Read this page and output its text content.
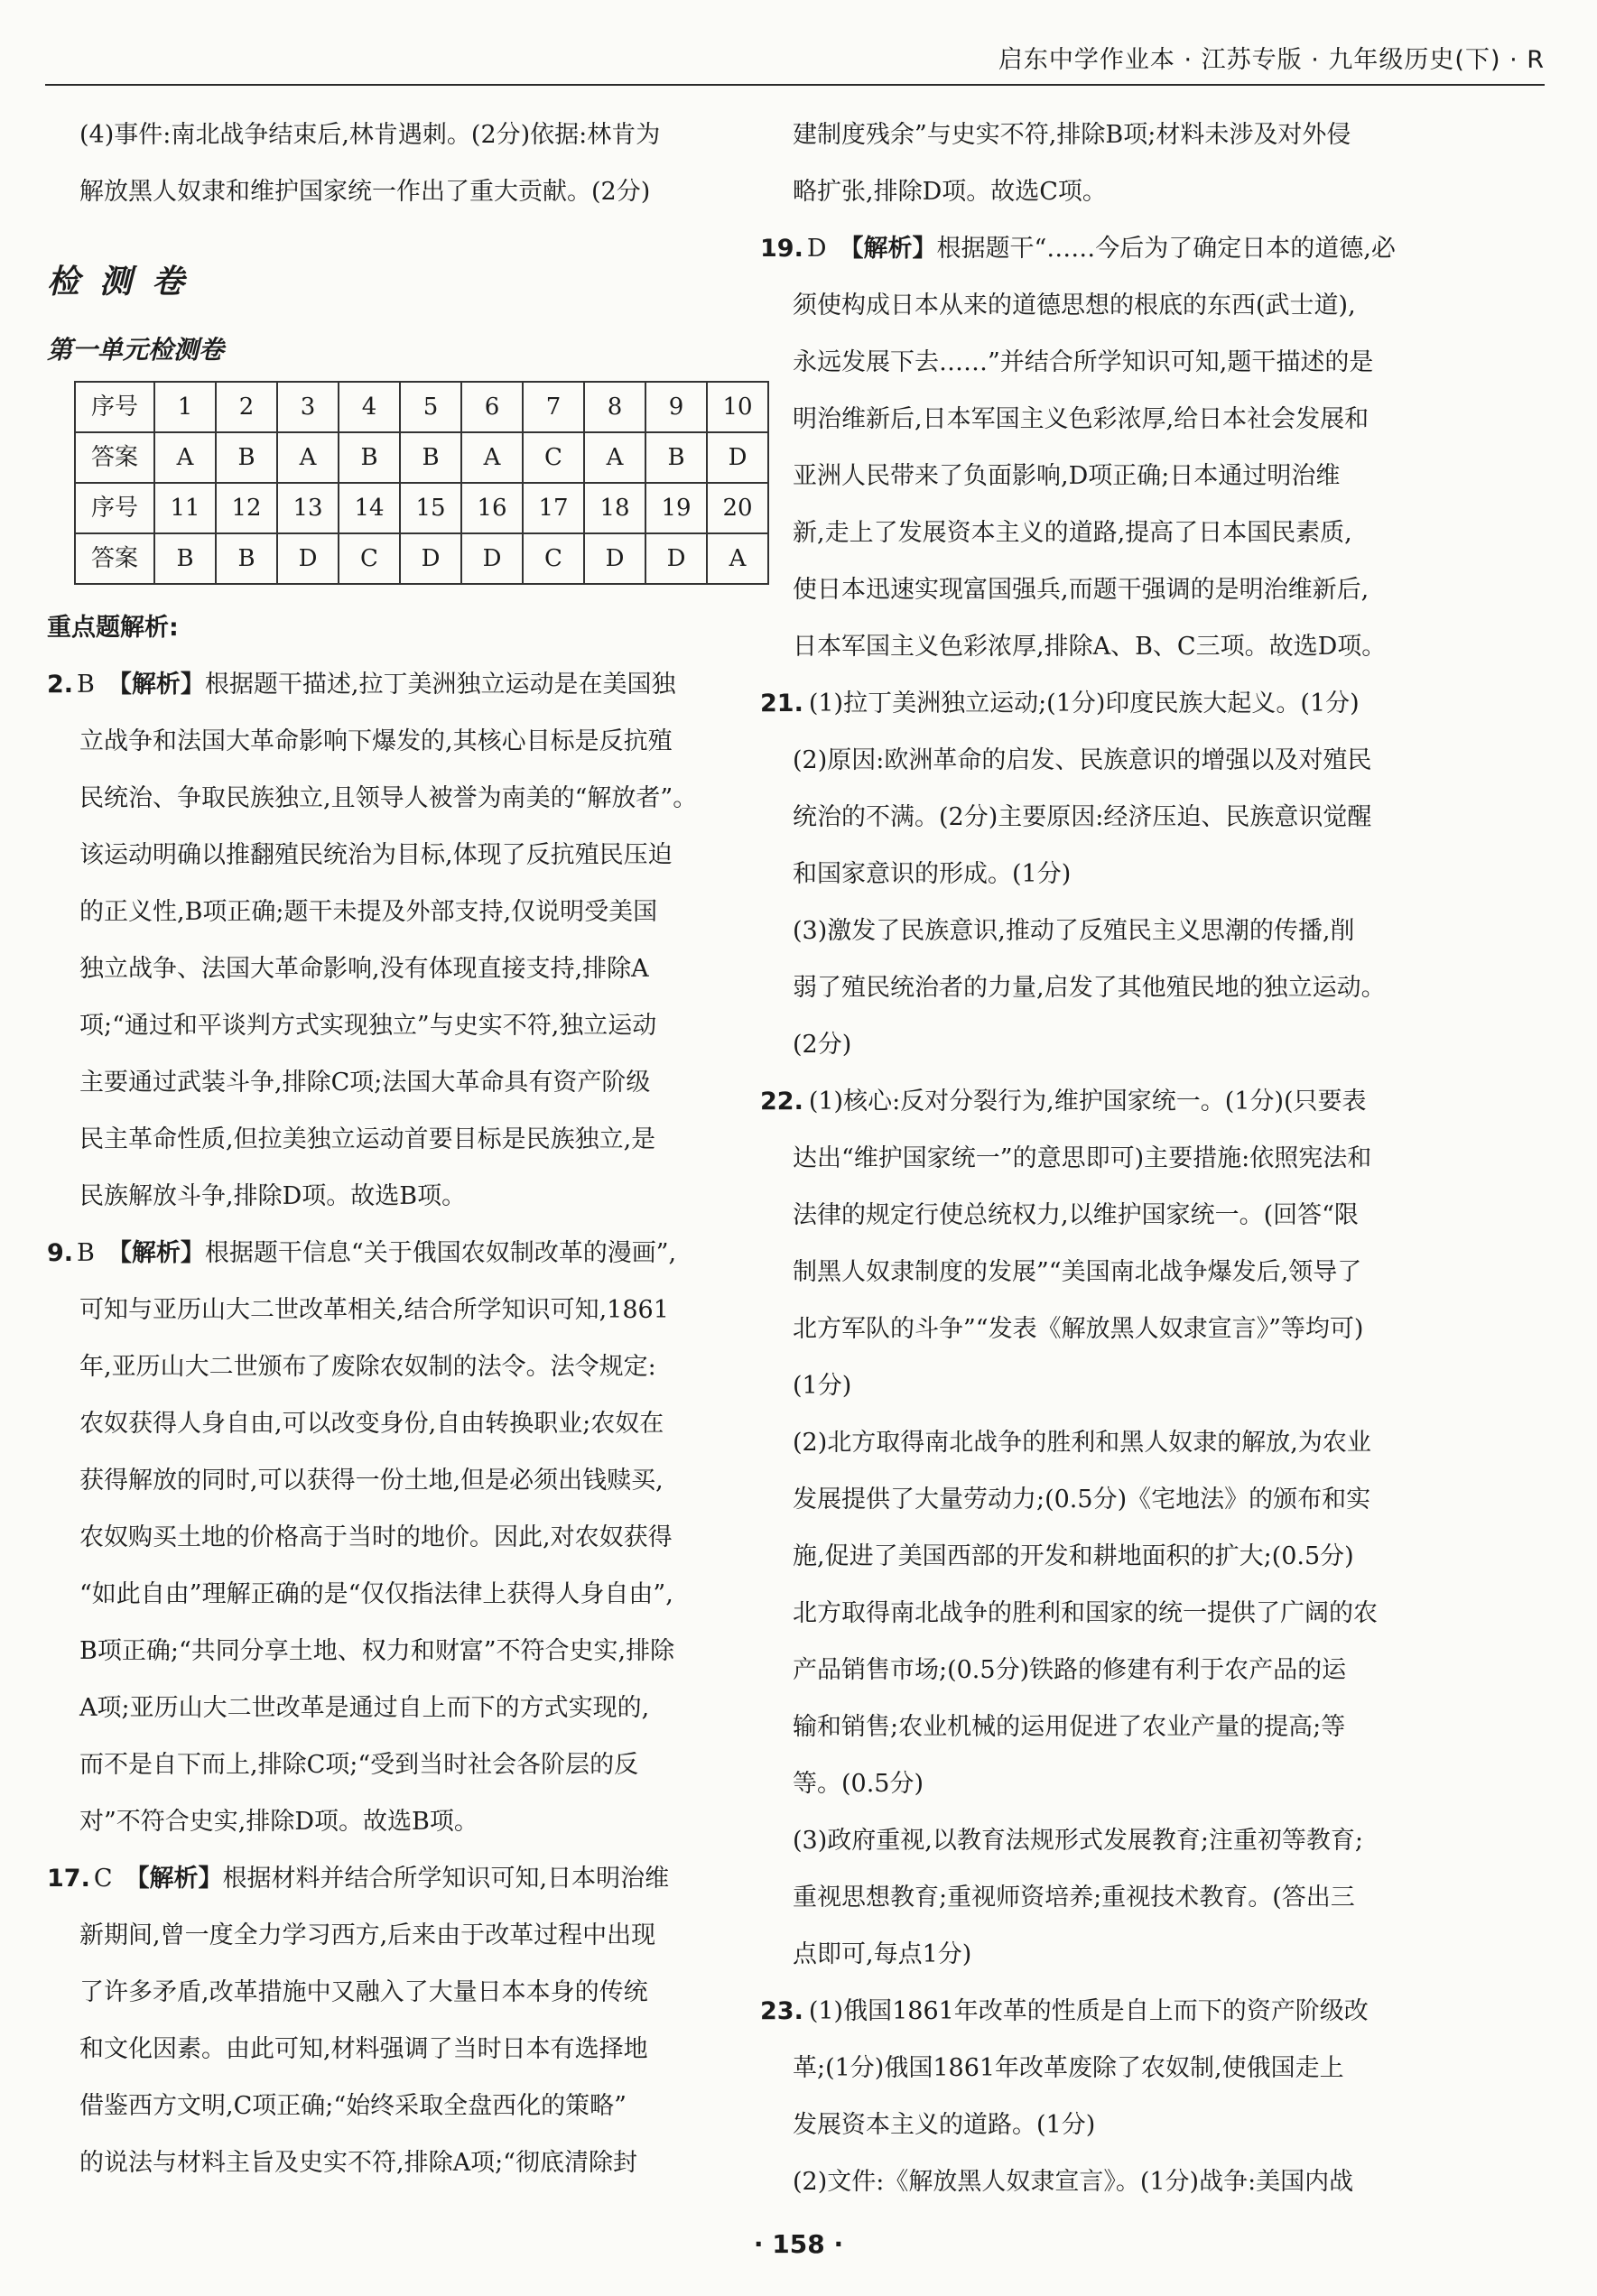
启东中学作业本 · 江苏专版 · 九年级历史(下) · R

(4)事件:南北战争结束后,林肯遇刺。(2分)依据:林肯为

解放黑人奴隶和维护国家统一作出了重大贡献。(2分)

检测卷

第一单元检测卷

序号	1	2	3	4	5	6	7	8	9	10
答案	A	B	A	B	B	A	C	A	B	D
序号	11	12	13	14	15	16	17	18	19	20
答案	B	B	D	C	D	D	C	D	D	A

重点题解析:

2. B 【解析】根据题干描述,拉丁美洲独立运动是在美国独

立战争和法国大革命影响下爆发的,其核心目标是反抗殖

民统治、争取民族独立,且领导人被誉为南美的“解放者”。

该运动明确以推翻殖民统治为目标,体现了反抗殖民压迫

的正义性,B项正确;题干未提及外部支持,仅说明受美国

独立战争、法国大革命影响,没有体现直接支持,排除A

项;“通过和平谈判方式实现独立”与史实不符,独立运动

主要通过武装斗争,排除C项;法国大革命具有资产阶级

民主革命性质,但拉美独立运动首要目标是民族独立,是

民族解放斗争,排除D项。故选B项。

9. B 【解析】根据题干信息“关于俄国农奴制改革的漫画”,

可知与亚历山大二世改革相关,结合所学知识可知,1861

年,亚历山大二世颁布了废除农奴制的法令。法令规定:

农奴获得人身自由,可以改变身份,自由转换职业;农奴在

获得解放的同时,可以获得一份土地,但是必须出钱赎买,

农奴购买土地的价格高于当时的地价。因此,对农奴获得

“如此自由”理解正确的是“仅仅指法律上获得人身自由”,

B项正确;“共同分享土地、权力和财富”不符合史实,排除

A项;亚历山大二世改革是通过自上而下的方式实现的,

而不是自下而上,排除C项;“受到当时社会各阶层的反

对”不符合史实,排除D项。故选B项。

17. C 【解析】根据材料并结合所学知识可知,日本明治维

新期间,曾一度全力学习西方,后来由于改革过程中出现

了许多矛盾,改革措施中又融入了大量日本本身的传统

和文化因素。由此可知,材料强调了当时日本有选择地

借鉴西方文明,C项正确;“始终采取全盘西化的策略”

的说法与材料主旨及史实不符,排除A项;“彻底清除封

建制度残余”与史实不符,排除B项;材料未涉及对外侵

略扩张,排除D项。故选C项。

19. D 【解析】根据题干“……今后为了确定日本的道德,必

须使构成日本从来的道德思想的根底的东西(武士道),

永远发展下去……”并结合所学知识可知,题干描述的是

明治维新后,日本军国主义色彩浓厚,给日本社会发展和

亚洲人民带来了负面影响,D项正确;日本通过明治维

新,走上了发展资本主义的道路,提高了日本国民素质,

使日本迅速实现富国强兵,而题干强调的是明治维新后,

日本军国主义色彩浓厚,排除A、B、C三项。故选D项。

21. (1)拉丁美洲独立运动;(1分)印度民族大起义。(1分)

(2)原因:欧洲革命的启发、民族意识的增强以及对殖民

统治的不满。(2分)主要原因:经济压迫、民族意识觉醒

和国家意识的形成。(1分)

(3)激发了民族意识,推动了反殖民主义思潮的传播,削

弱了殖民统治者的力量,启发了其他殖民地的独立运动。

(2分)

22. (1)核心:反对分裂行为,维护国家统一。(1分)(只要表

达出“维护国家统一”的意思即可)主要措施:依照宪法和

法律的规定行使总统权力,以维护国家统一。(回答“限

制黑人奴隶制度的发展”“美国南北战争爆发后,领导了

北方军队的斗争”“发表《解放黑人奴隶宣言》”等均可)

(1分)

(2)北方取得南北战争的胜利和黑人奴隶的解放,为农业

发展提供了大量劳动力;(0.5分)《宅地法》的颁布和实

施,促进了美国西部的开发和耕地面积的扩大;(0.5分)

北方取得南北战争的胜利和国家的统一提供了广阔的农

产品销售市场;(0.5分)铁路的修建有利于农产品的运

输和销售;农业机械的运用促进了农业产量的提高;等

等。(0.5分)

(3)政府重视,以教育法规形式发展教育;注重初等教育;

重视思想教育;重视师资培养;重视技术教育。(答出三

点即可,每点1分)

23. (1)俄国1861年改革的性质是自上而下的资产阶级改

革;(1分)俄国1861年改革废除了农奴制,使俄国走上

发展资本主义的道路。(1分)

(2)文件:《解放黑人奴隶宣言》。(1分)战争:美国内战

· 158 ·
